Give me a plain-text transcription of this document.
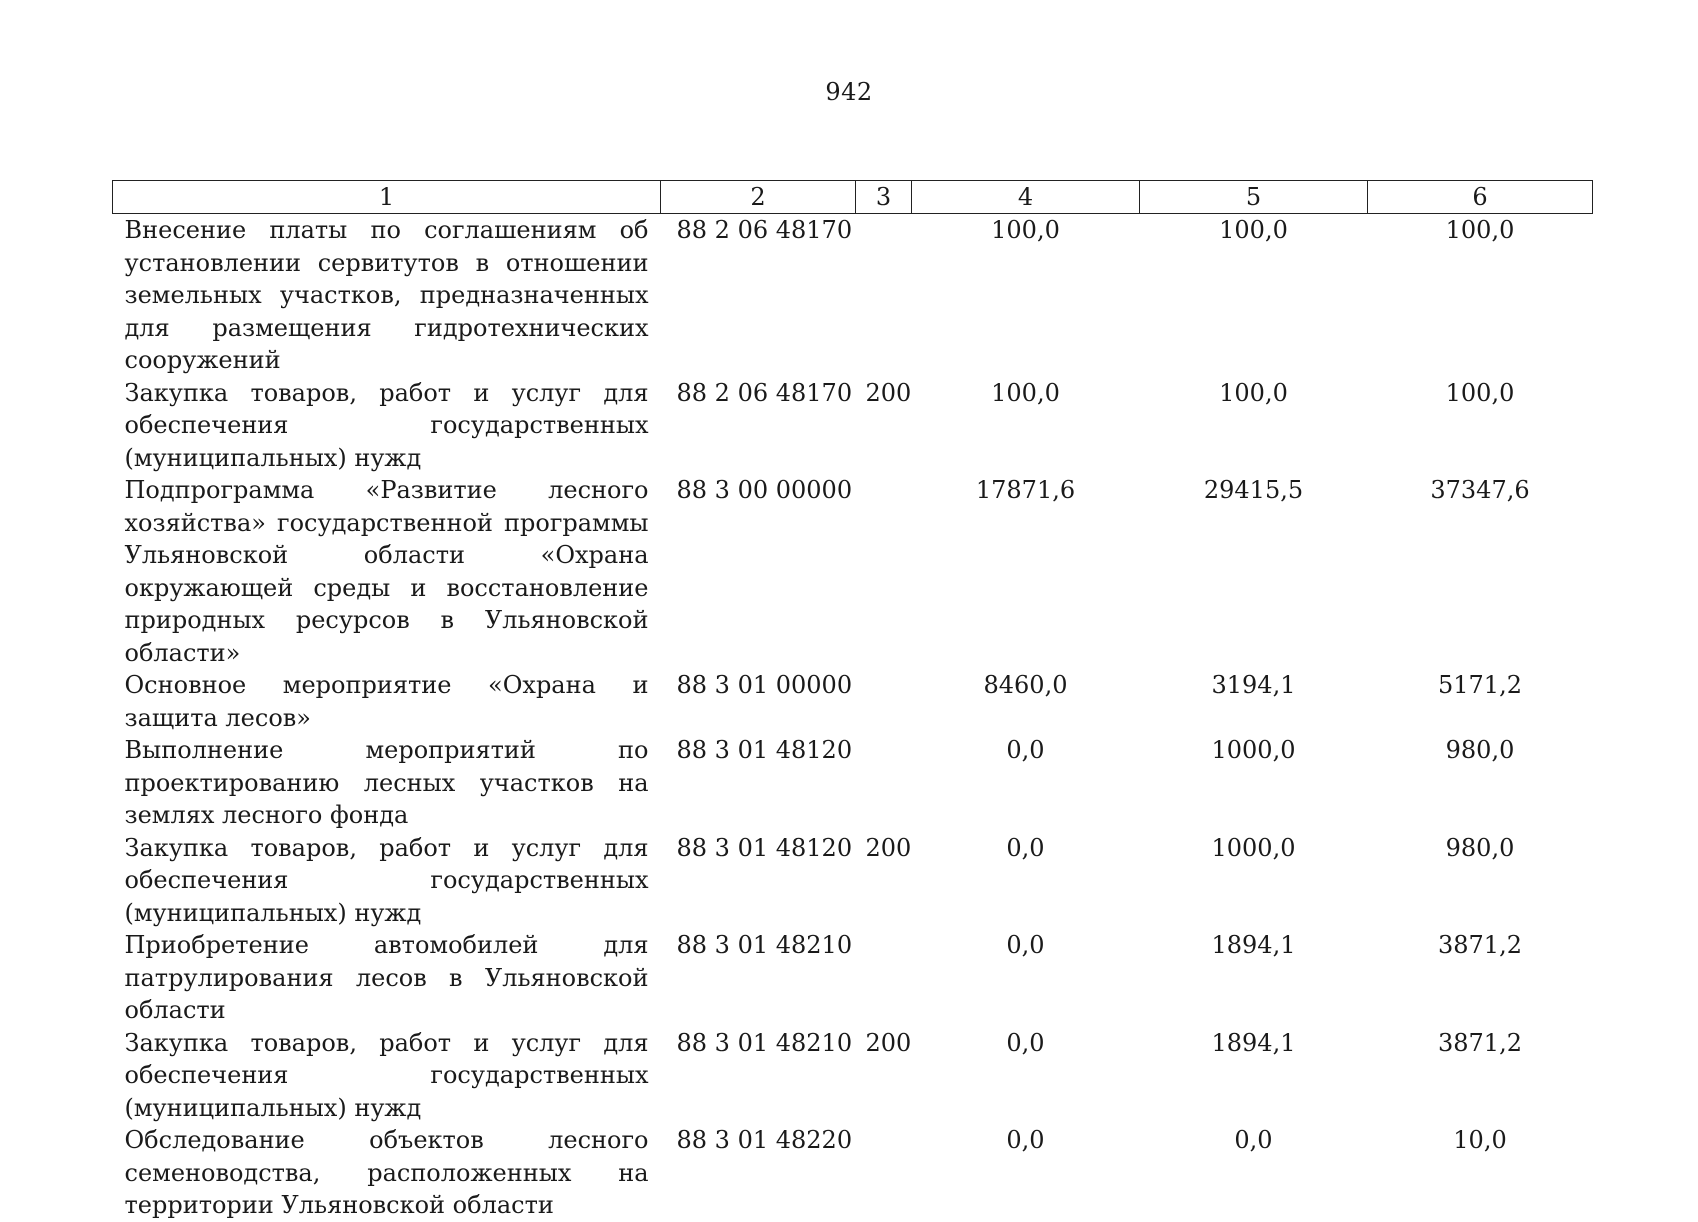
942
1	2	3	4	5	6
Внесение платы по соглашениям об установлении сервитутов в отношении земельных участков, предназначенных для размещения гидротехнических сооружений	88 2 06 48170		100,0	100,0	100,0
Закупка товаров, работ и услуг для обеспечения государственных (муниципальных) нужд	88 2 06 48170	200	100,0	100,0	100,0
Подпрограмма «Развитие лесного хозяйства» государственной программы Ульяновской области «Охрана окружающей среды и восстановление природных ресурсов в Ульяновской области»	88 3 00 00000		17871,6	29415,5	37347,6
Основное мероприятие «Охрана и защита лесов»	88 3 01 00000		8460,0	3194,1	5171,2
Выполнение мероприятий по проектированию лесных участков на землях лесного фонда	88 3 01 48120		0,0	1000,0	980,0
Закупка товаров, работ и услуг для обеспечения государственных (муниципальных) нужд	88 3 01 48120	200	0,0	1000,0	980,0
Приобретение автомобилей для патрулирования лесов в Ульяновской области	88 3 01 48210		0,0	1894,1	3871,2
Закупка товаров, работ и услуг для обеспечения государственных (муниципальных) нужд	88 3 01 48210	200	0,0	1894,1	3871,2
Обследование объектов лесного семеноводства, расположенных на территории Ульяновской области	88 3 01 48220		0,0	0,0	10,0
